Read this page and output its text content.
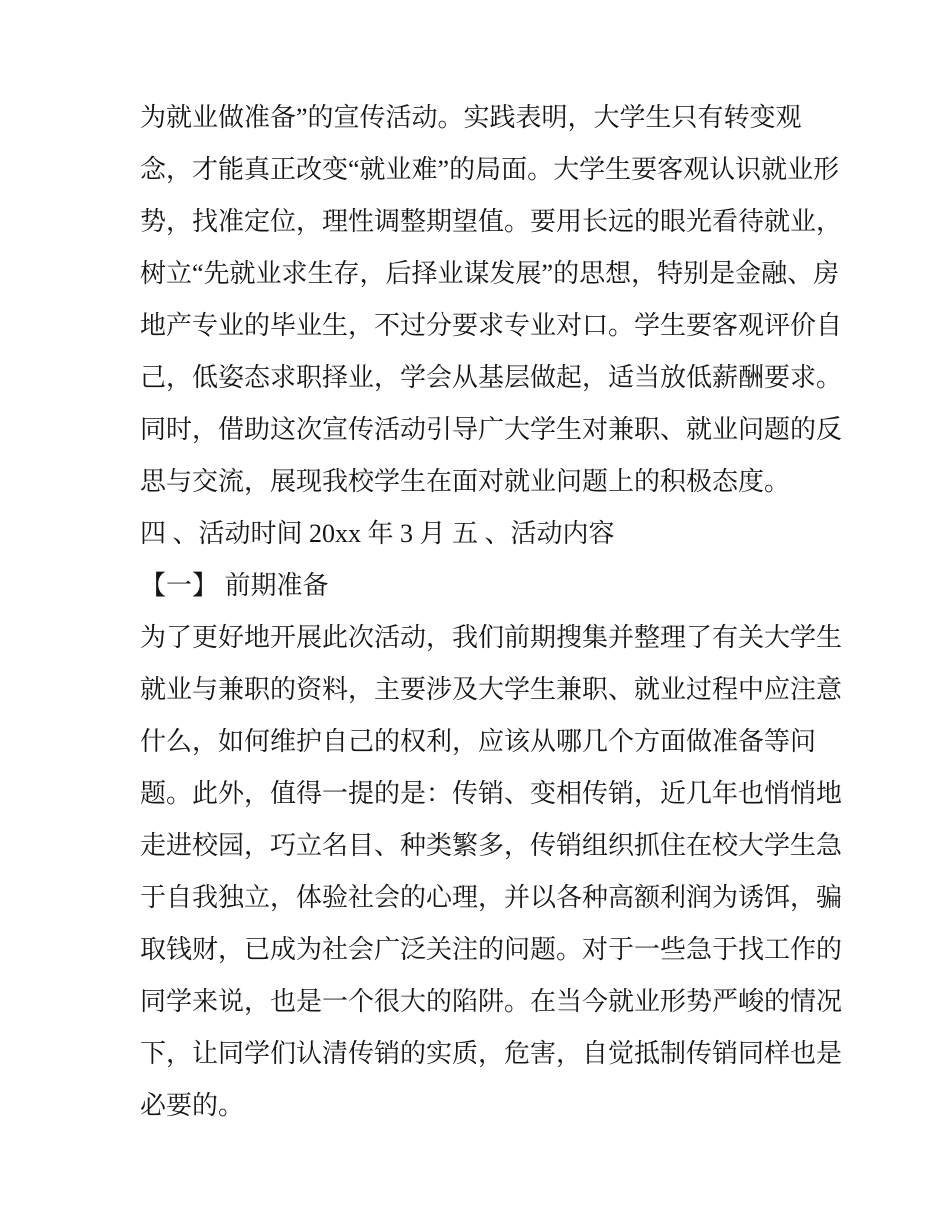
为就业做准备”的宣传活动。实践表明，大学生只有转变观
念，才能真正改变“就业难”的局面。大学生要客观认识就业形
势，找准定位，理性调整期望值。要用长远的眼光看待就业，
树立“先就业求生存，后择业谋发展”的思想，特别是金融、房
地产专业的毕业生，不过分要求专业对口。学生要客观评价自
己，低姿态求职择业，学会从基层做起，适当放低薪酬要求。
同时，借助这次宣传活动引导广大学生对兼职、就业问题的反
思与交流，展现我校学生在面对就业问题上的积极态度。
四 、活动时间 20xx 年 3 月 五 、活动内容
【一】 前期准备
为了更好地开展此次活动，我们前期搜集并整理了有关大学生
就业与兼职的资料，主要涉及大学生兼职、就业过程中应注意
什么，如何维护自己的权利，应该从哪几个方面做准备等问
题。此外，值得一提的是：传销、变相传销，近几年也悄悄地
走进校园，巧立名目、种类繁多，传销组织抓住在校大学生急
于自我独立，体验社会的心理，并以各种高额利润为诱饵，骗
取钱财，已成为社会广泛关注的问题。对于一些急于找工作的
同学来说，也是一个很大的陷阱。在当今就业形势严峻的情况
下，让同学们认清传销的实质，危害，自觉抵制传销同样也是
必要的。
